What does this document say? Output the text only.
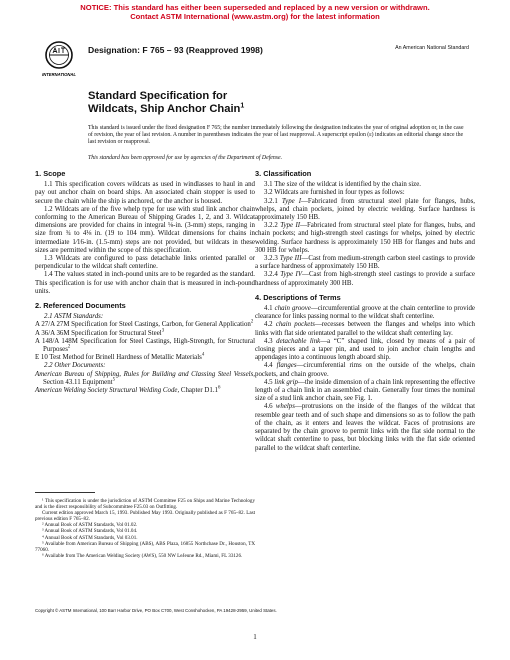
NOTICE: This standard has either been superseded and replaced by a new version or withdrawn.
Contact ASTM International (www.astm.org) for the latest information
INTERNATIONAL
Designation: F 765 – 93 (Reapproved 1998)	An American National Standard
Standard Specification for
Wildcats, Ship Anchor Chain$^1$
This standard is issued under the fixed designation F 765; the number immediately following the designation indicates the year of original adoption or, in the case of revision, the year of last revision. A number in parentheses indicates the year of last reapproval. A superscript epsilon (ε) indicates an editorial change since the last revision or reapproval.
This standard has been approved for use by agencies of the Department of Defense.
1. Scope

1.1 This specification covers wildcats as used in windlasses to haul in and pay out anchor chain on board ships. An associated chain stopper is used to secure the chain while the ship is anchored, or the anchor is housed.

1.2 Wildcats are of the five whelp type for use with stud link anchor chain conforming to the American Bureau of Shipping Grades 1, 2, and 3. Wildcat dimensions are provided for chains in integral ⅛-in. (3-mm) steps, ranging in size from ¾ to 4⅛ in. (19 to 104 mm). Wildcat dimensions for chains in intermediate 1⁄16-in. (1.5-mm) steps are not provided, but wildcats in these sizes are permitted within the scope of this specification.

1.3 Wildcats are configured to pass detachable links oriented parallel or perpendicular to the wildcat shaft centerline.

1.4 The values stated in inch-pound units are to be regarded as the standard. This specification is for use with anchor chain that is measured in inch-pound units.

2. Referenced Documents

2.1 ASTM Standards:

A 27/A 27M Specification for Steel Castings, Carbon, for General Application$^2$

A 36/A 36M Specification for Structural Steel$^3$

A 148/A 148M Specification for Steel Castings, High-Strength, for Structural Purposes$^2$

E 10 Test Method for Brinell Hardness of Metallic Materials$^4$

2.2 Other Documents:

American Bureau of Shipping, Rules for Building and Classing Steel Vessels, Section 43.11 Equipment$^5$

American Welding Society Structural Welding Code, Chapter $D1.1^6$

3. Classification

3.1 The size of the wildcat is identified by the chain size.

3.2 Wildcats are furnished in four types as follows:

3.2.1 Type I—Fabricated from structural steel plate for flanges, hubs, whelps, and chain pockets, joined by electric welding. Surface hardness is approximately 150 HB.

3.2.2 Type II—Fabricated from structural steel plate for flanges, hubs, and chain pockets; and high-strength steel castings for whelps, joined by electric welding. Surface hardness is approximately 150 HB for flanges and hubs and 300 HB for whelps.

3.2.3 Type III—Cast from medium-strength carbon steel castings to provide a surface hardness of approximately 150 HB.

3.2.4 Type IV—Cast from high-strength steel castings to provide a surface hardness of approximately 300 HB.

4. Descriptions of Terms

4.1 chain groove—circumferential groove at the chain centerline to provide clearance for links passing normal to the wildcat shaft centerline.

4.2 chain pockets—recesses between the flanges and whelps into which links with flat side orientated parallel to the wildcat shaft centerling lay.

4.3 detachable link—a “C” shaped link, closed by means of a pair of closing pieces and a taper pin, and used to join anchor chain lengths and appendages into a continuous length aboard ship.

4.4 flanges—circumferential rims on the outside of the whelps, chain pockets, and chain groove.

4.5 link grip—the inside dimension of a chain link representing the effective length of a chain link in an assembled chain. Generally four times the nominal size of a stud link anchor chain, see Fig. 1.

4.6 whelps—protrusions on the inside of the flanges of the wildcat that resemble gear teeth and of such shape and dimensions so as to follow the path of the chain, as it enters and leaves the wildcat. Faces of protrusions are separated by the chain groove to permit links with the flat side normal to the wildcat shaft centerline to pass, but blocking links with the flat side oriented parallel to the wildcat shaft centerline.

¹ This specification is under the jurisdiction of ASTM Committee F25 on Ships and Marine Technology and is the direct responsibility of Subcommittee F25.03 on Outfitting.

Current edition approved March 15, 1993. Published May 1993. Originally published as F 765–82. Last previous edition F 765–82.

² Annual Book of ASTM Standards, Vol 01.02.

³ Annual Book of ASTM Standards, Vol 01.04.

⁴ Annual Book of ASTM Standards, Vol 03.01.

⁵ Available from American Bureau of Shipping (ABS), ABS Plaza, 16855 Northchase Dr., Houston, TX 77060.

⁶ Available from The American Welding Society (AWS), 550 NW LeJeune Rd., Miami, FL 33126.

Copyright © ASTM International, 100 Barr Harbor Drive, PO Box C700, West Conshohocken, PA 19428-2959, United States.
1
